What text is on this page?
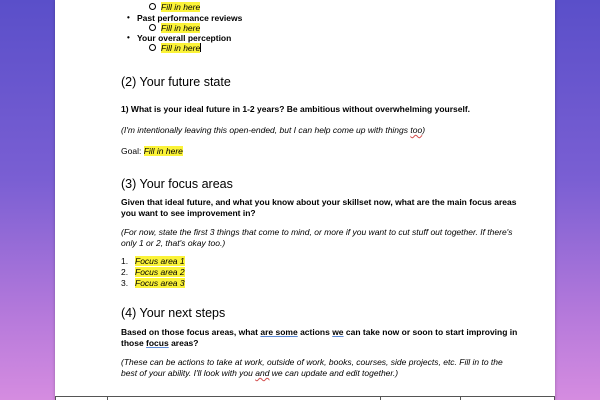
Fill in here
• Past performance reviews
Fill in here
• Your overall perception
Fill in here
(2) Your future state
1) What is your ideal future in 1-2 years? Be ambitious without overwhelming yourself.
(I'm intentionally leaving this open-ended, but I can help come up with things too)
Goal: Fill in here
(3) Your focus areas
Given that ideal future, and what you know about your skillset now, what are the main focus areas
you want to see improvement in?
(For now, state the first 3 things that come to mind, or more if you want to cut stuff out together. If there's
only 1 or 2, that's okay too.)
1. Focus area 1
2. Focus area 2
3. Focus area 3
(4) Your next steps
Based on those focus areas, what are some actions we can take now or soon to start improving in
those focus areas?
(These can be actions to take at work, outside of work, books, courses, side projects, etc. Fill in to the
best of your ability. I'll look with you and we can update and edit together.)
